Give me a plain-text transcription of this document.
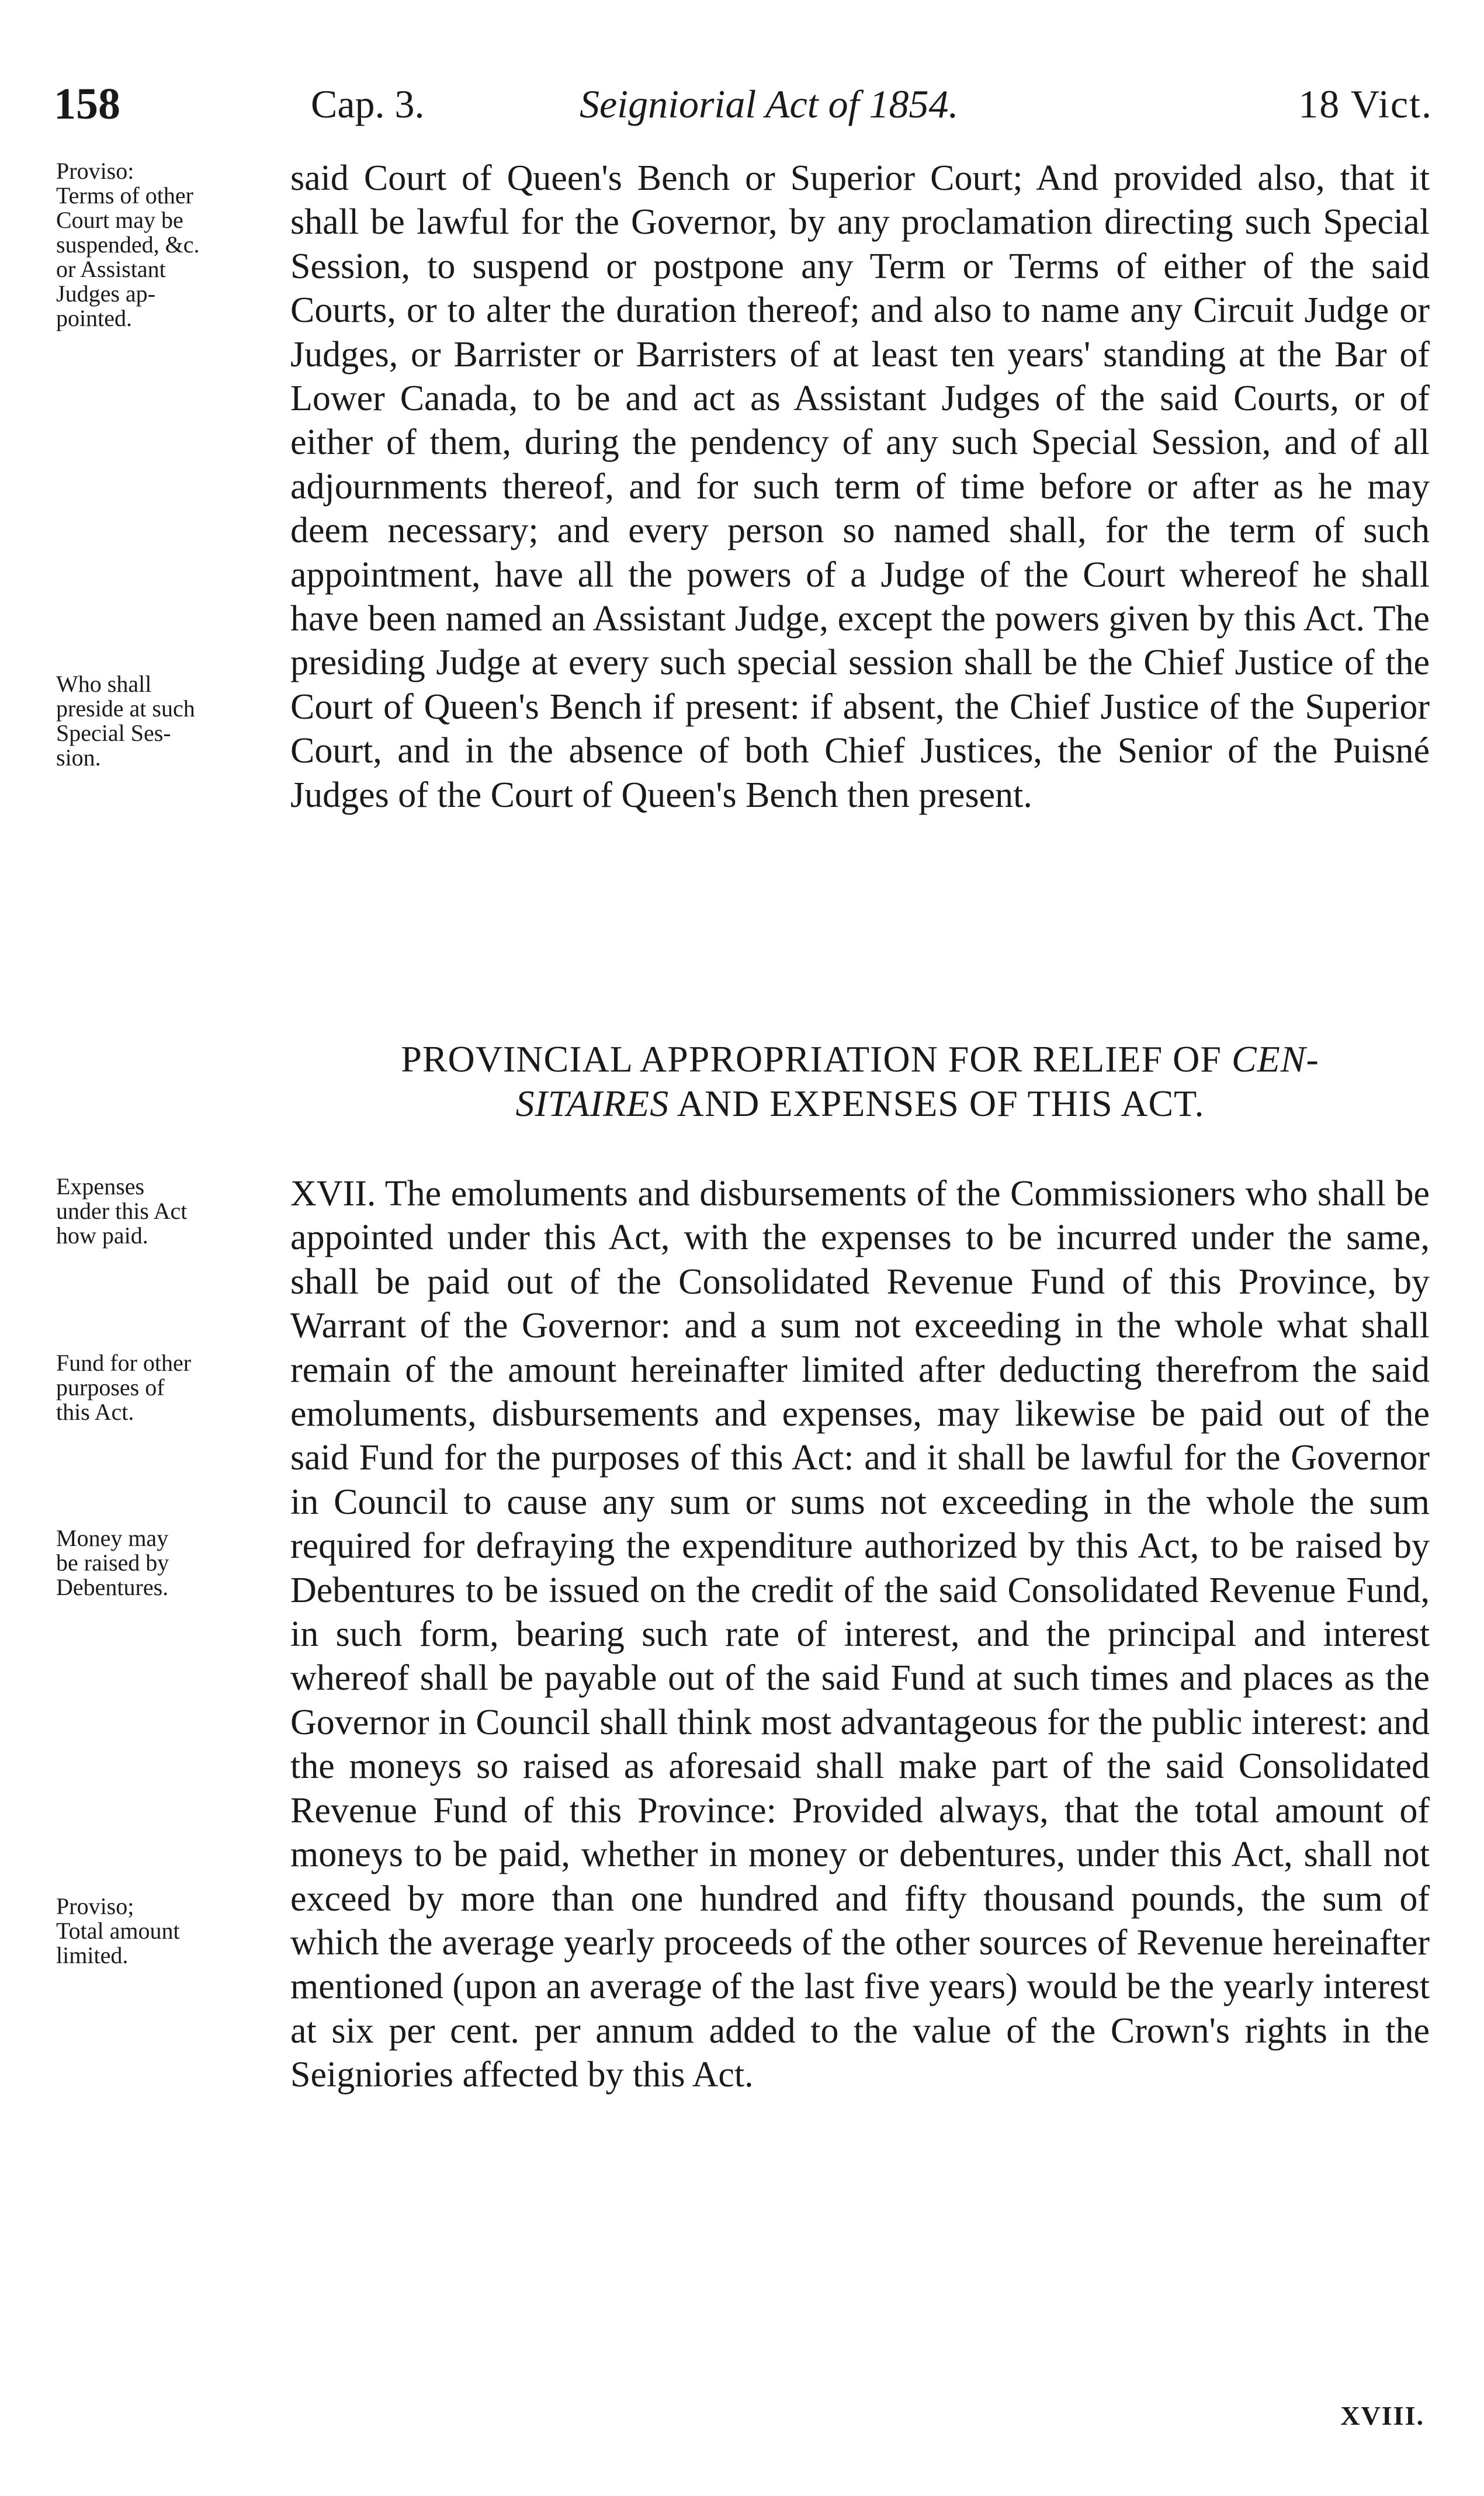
158	Cap. 3.	Seigniorial Act of 1854.	18 Vict.
Proviso:
Terms of other
Court may be
suspended, &c.
or Assistant
Judges ap-
pointed.
Who shall
preside at such
Special Ses-
sion.
PROVINCIAL APPROPRIATION FOR RELIEF OF CEN-
SITAIRES AND EXPENSES OF THIS ACT.
Expenses
under this Act
how paid.
Fund for other
purposes of
this Act.
Money may
be raised by
Debentures.
Proviso;
Total amount
limited.

said Court of Queen's Bench or Superior Court; And provided also, that it shall be lawful for the Governor, by any proclamation directing such Special Session, to suspend or postpone any Term or Terms of either of the said Courts, or to alter the duration thereof; and also to name any Circuit Judge or Judges, or Barrister or Barristers of at least ten years' standing at the Bar of Lower Canada, to be and act as Assistant Judges of the said Courts, or of either of them, during the pendency of any such Special Session, and of all adjournments thereof, and for such term of time before or after as he may deem necessary; and every person so named shall, for the term of such appointment, have all the powers of a Judge of the Court whereof he shall have been named an Assistant Judge, except the powers given by this Act. The presiding Judge at every such special session shall be the Chief Justice of the Court of Queen's Bench if present: if absent, the Chief Justice of the Superior Court, and in the absence of both Chief Justices, the Senior of the Puisné Judges of the Court of Queen's Bench then present.

XVII. The emoluments and disbursements of the Commissioners who shall be appointed under this Act, with the expenses to be incurred under the same, shall be paid out of the Consolidated Revenue Fund of this Province, by Warrant of the Governor: and a sum not exceeding in the whole what shall remain of the amount hereinafter limited after deducting therefrom the said emoluments, disbursements and expenses, may likewise be paid out of the said Fund for the purposes of this Act: and it shall be lawful for the Governor in Council to cause any sum or sums not exceeding in the whole the sum required for defraying the expenditure authorized by this Act, to be raised by Debentures to be issued on the credit of the said Consolidated Revenue Fund, in such form, bearing such rate of interest, and the principal and interest whereof shall be payable out of the said Fund at such times and places as the Governor in Council shall think most advantageous for the public interest: and the moneys so raised as aforesaid shall make part of the said Consolidated Revenue Fund of this Province: Provided always, that the total amount of moneys to be paid, whether in money or debentures, under this Act, shall not exceed by more than one hundred and fifty thousand pounds, the sum of which the average yearly proceeds of the other sources of Revenue hereinafter mentioned (upon an average of the last five years) would be the yearly interest at six per cent. per annum added to the value of the Crown's rights in the Seigniories affected by this Act.

XVIII.
